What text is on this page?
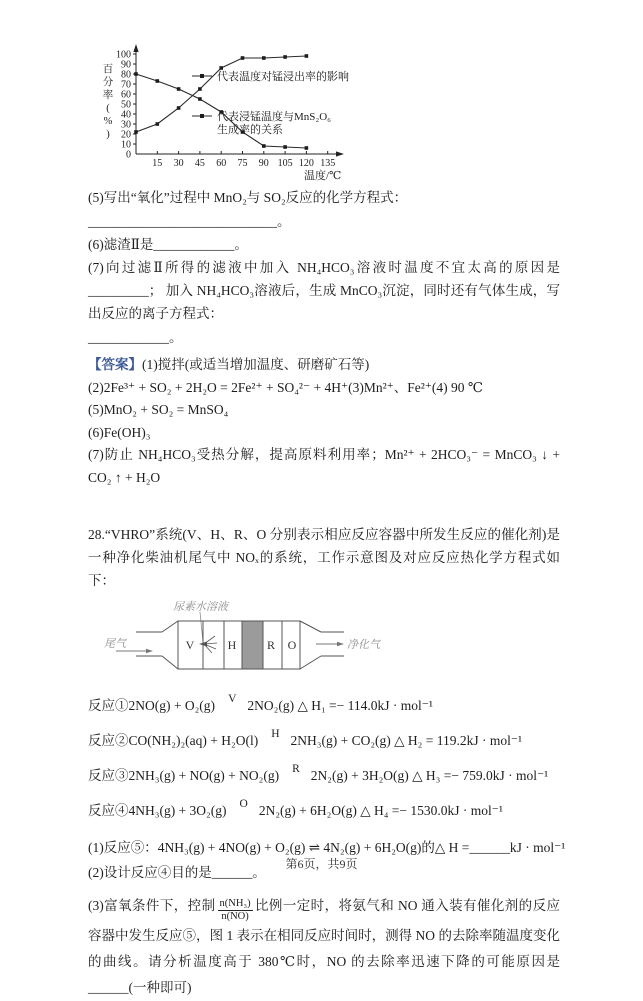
0
10
20
30
40
50
60
70
80
90
100
15 30 45 60 75 90 105 120 135
代表温度对锰浸出率的影响
代表浸锰温度与MnS₂O₆
生成率的关系
百
分
率
(
%
)
温度/℃

(5)写出“氧化”过程中 MnO₂与 SO₂反应的化学方程式：

____________________________。

(6)滤渣Ⅱ是____________。

(7)向过滤Ⅱ所得的滤液中加入 NH₄HCO₃溶液时温度不宜太高的原因是_________； 加入 NH₄HCO₃溶液后，生成 MnCO₃沉淀，同时还有气体生成，写出反应的离子方程式：

____________。

【答案】(1)搅拌(或适当增加温度、研磨矿石等)

(2)2Fe³⁺ + SO₂ + 2H₂O = 2Fe²⁺ + SO₄²⁻ + 4H⁺(3)Mn²⁺、Fe²⁺(4) 90 ℃

(5)MnO₂ + SO₂ = MnSO₄

(6)Fe(OH)₃

(7)防止 NH₄HCO₃受热分解，提高原料利用率；Mn²⁺ + 2HCO₃⁻ = MnCO₃ ↓ + CO₂ ↑ + H₂O

28.“VHRO”系统(V、H、R、O 分别表示相应反应容器中所发生反应的催化剂)是一种净化柴油机尾气中 NOₓ的系统，工作示意图及对应反应热化学方程式如下：

尿素水溶液
尾气	净化气
V	H	R O

反应①2NO(g) + O₂(g) V 2NO₂(g) △ H₁ =− 114.0kJ · mol⁻¹

反应②CO(NH₂)₂(aq) + H₂O(l) H 2NH₃(g) + CO₂(g) △ H₂ = 119.2kJ · mol⁻¹

反应③2NH₃(g) + NO(g) + NO₂(g) R 2N₂(g) + 3H₂O(g) △ H₃ =− 759.0kJ · mol⁻¹

反应④4NH₃(g) + 3O₂(g) O 2N₂(g) + 6H₂O(g) △ H₄ =− 1530.0kJ · mol⁻¹

(1)反应⑤：4NH₃(g) + 4NO(g) + O₂(g) ⇌ 4N₂(g) + 6H₂O(g)的△ H =______kJ · mol⁻¹

(2)设计反应④目的是______。

(3)富氧条件下，控制 $\frac{\text{n(NH₃)}}{n(NO)}$ 比例一定时，将氨气和 NO 通入装有催化剂的反应容器中发生反应⑤，图 1 表示在相同反应时间时，测得 NO 的去除率随温度变化的曲线。请分析温度高于 380℃时，NO 的去除率迅速下降的可能原因是______(一种即可)

第6页，共9页
